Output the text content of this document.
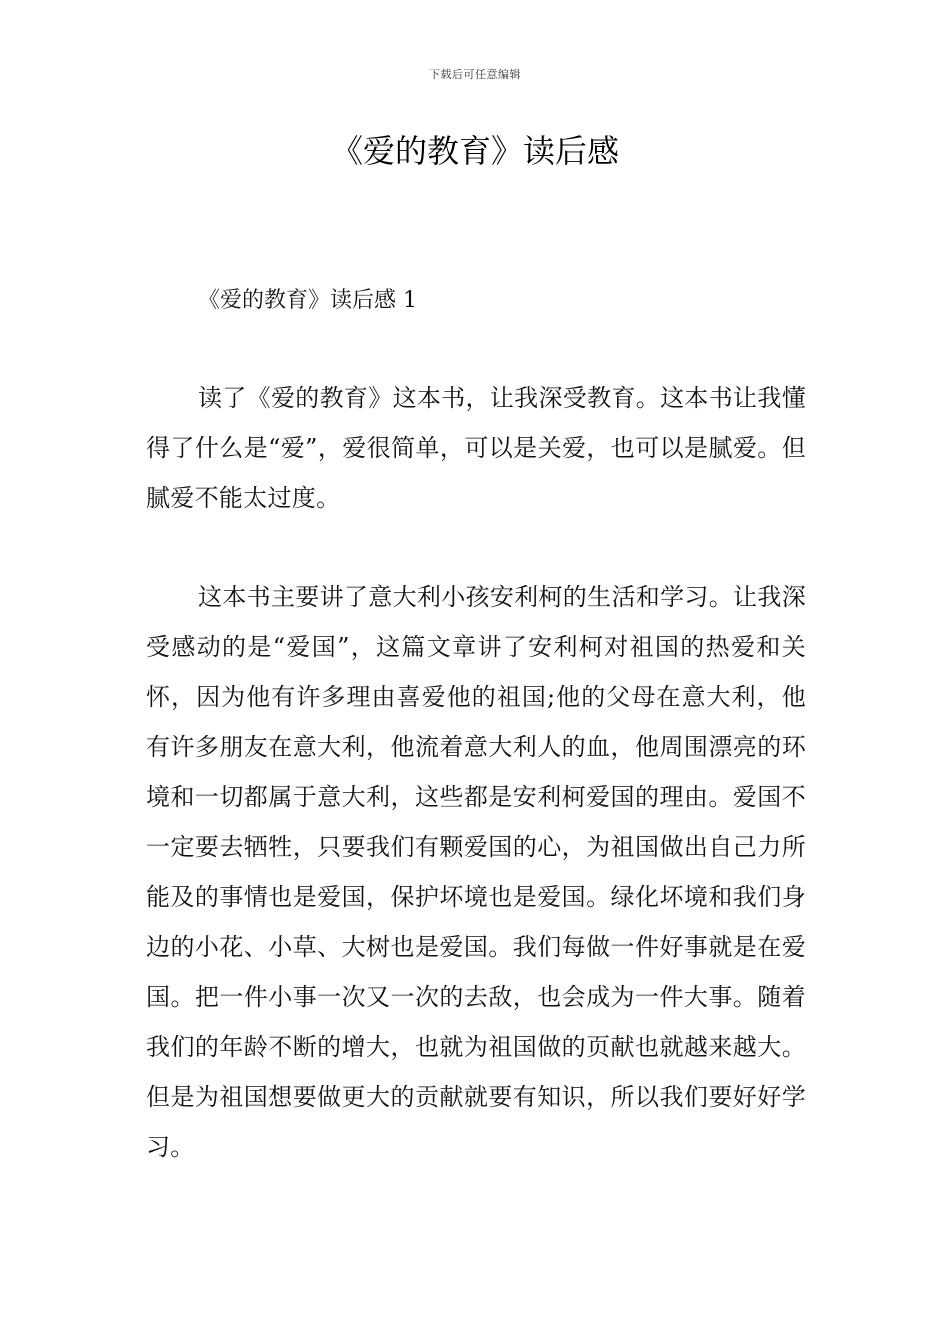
下载后可任意编辑
《爱的教育》读后感
《爱的教育》读后感 1

读了《爱的教育》这本书，让我深受教育。这本书让我懂得了什么是“爱”，爱很简单，可以是关爱，也可以是腻爱。但腻爱不能太过度。

这本书主要讲了意大利小孩安利柯的生活和学习。让我深受感动的是“爱国”，这篇文章讲了安利柯对祖国的热爱和关怀，因为他有许多理由喜爱他的祖国;他的父母在意大利，他有许多朋友在意大利，他流着意大利人的血，他周围漂亮的环境和一切都属于意大利，这些都是安利柯爱国的理由。爱国不一定要去牺牲，只要我们有颗爱国的心，为祖国做出自己力所能及的事情也是爱国，保护坏境也是爱国。绿化坏境和我们身边的小花、小草、大树也是爱国。我们每做一件好事就是在爱国。把一件小事一次又一次的去敌，也会成为一件大事。随着我们的年龄不断的增大，也就为祖国做的页献也就越来越大。但是为祖国想要做更大的贡献就要有知识，所以我们要好好学习。
